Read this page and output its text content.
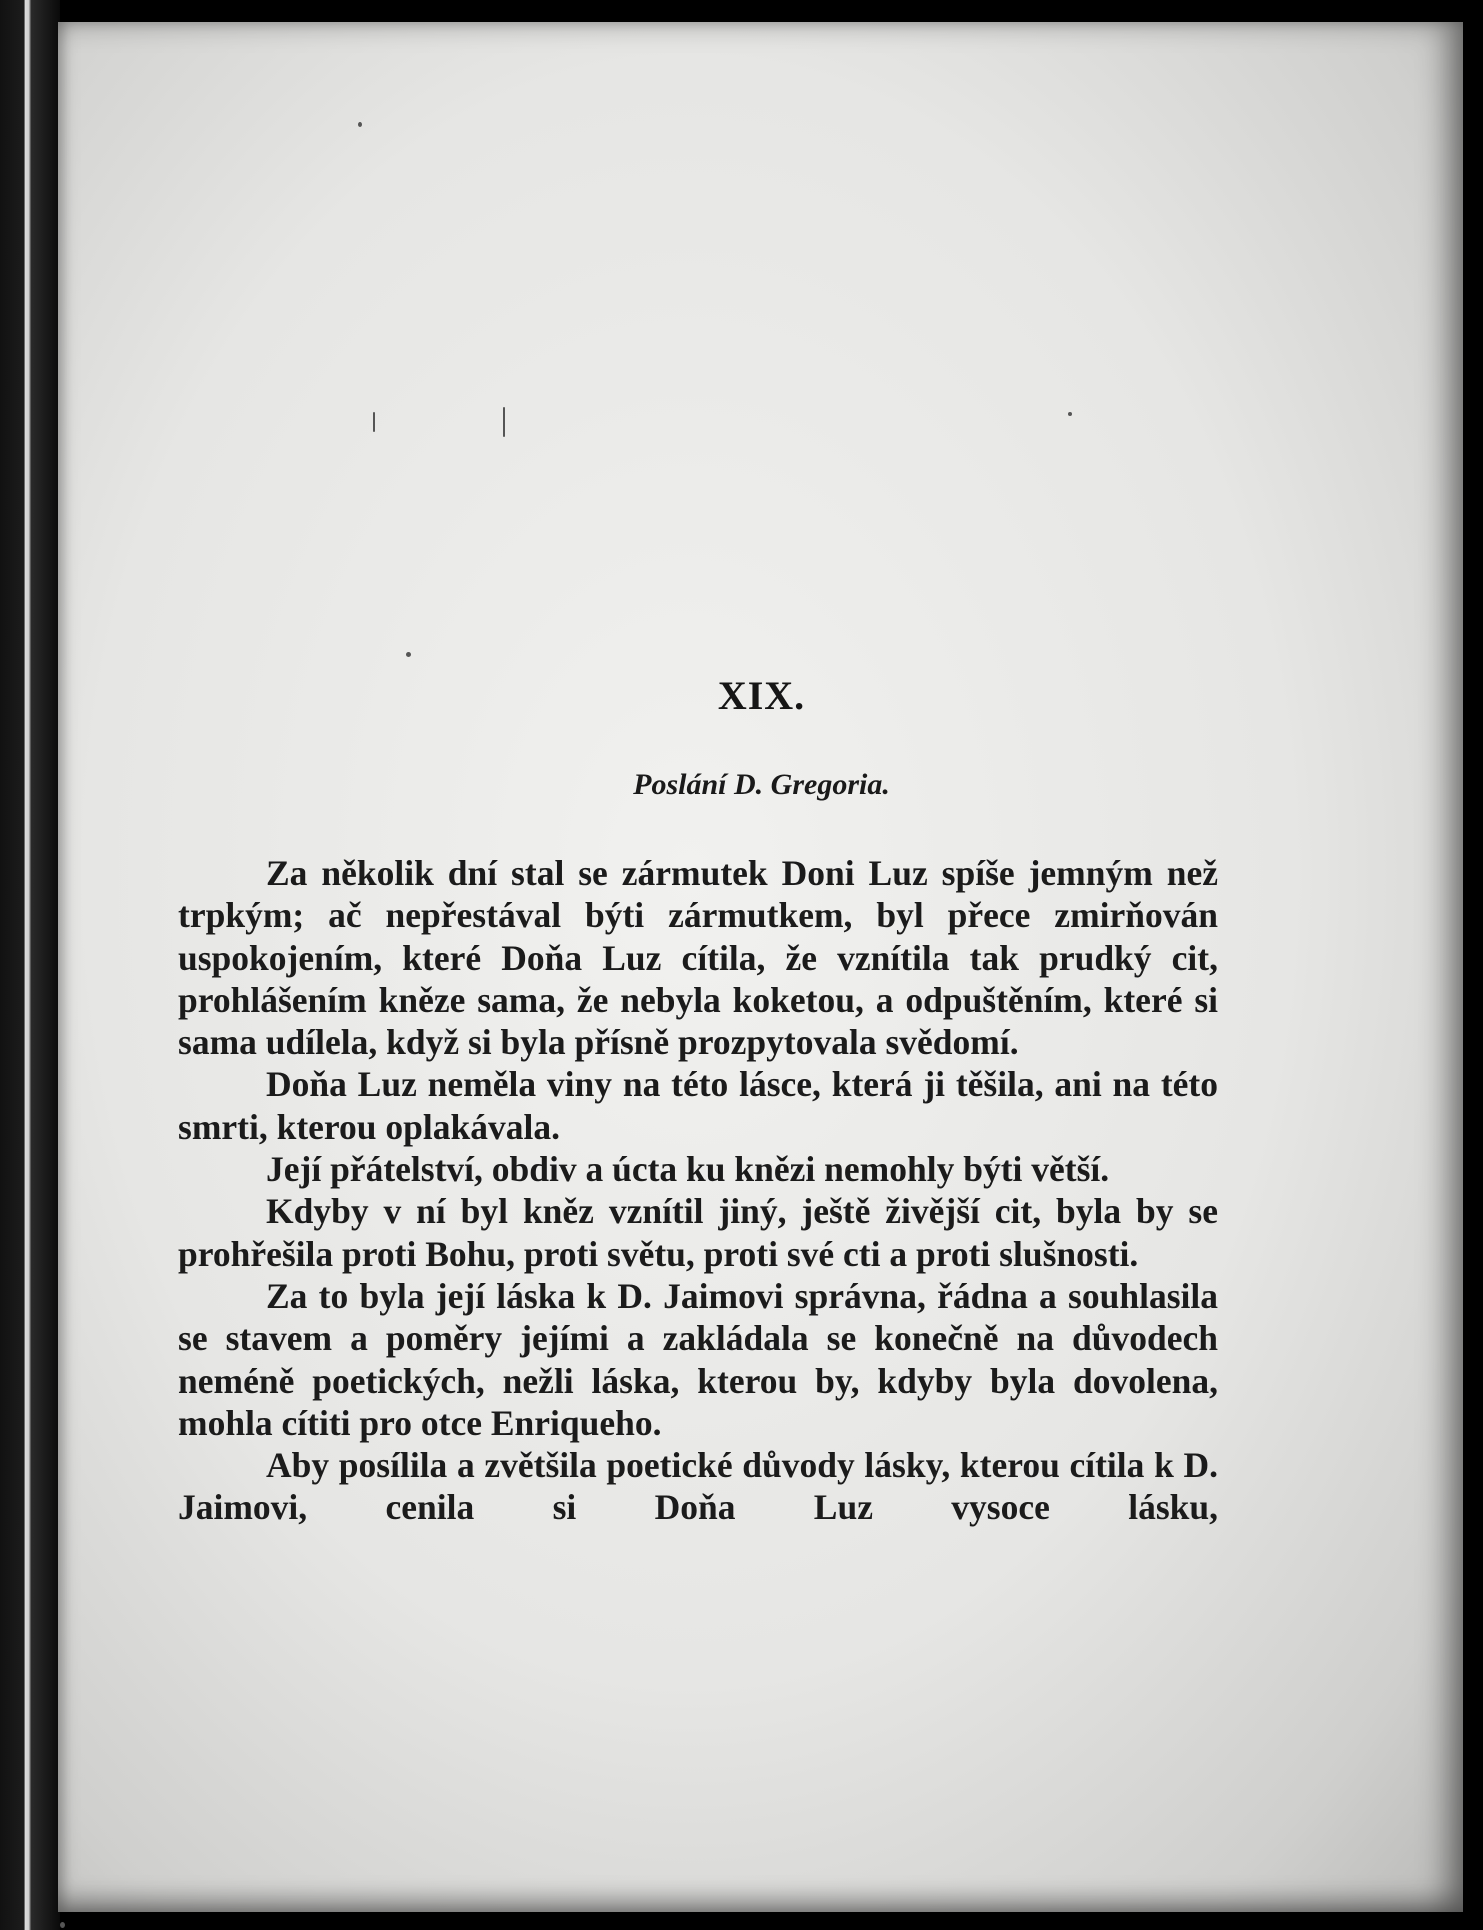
XIX.
Poslání D. Gregoria.

Za několik dní stal se zármutek Doni Luz spíše jemným než trpkým; ač nepřestával býti zármutkem, byl přece zmirňován uspokojením, které Doňa Luz cítila, že vznítila tak prudký cit, prohlášením kněze sama, že nebyla koketou, a odpuštěním, které si sama udílela, když si byla přísně prozpytovala svědomí.

Doňa Luz neměla viny na této lásce, která ji těšila, ani na této smrti, kterou oplakávala.

Její přátelství, obdiv a úcta ku knězi nemohly býti větší.

Kdyby v ní byl kněz vznítil jiný, ještě živější cit, byla by se prohřešila proti Bohu, proti světu, proti své cti a proti slušnosti.

Za to byla její láska k D. Jaimovi správna, řádna a souhlasila se stavem a poměry jejími a zakládala se konečně na důvodech neméně poetických, nežli láska, kterou by, kdyby byla dovolena, mohla cítiti pro otce Enriqueho.

Aby posílila a zvětšila poetické důvody lásky, kterou cítila k D. Jaimovi, cenila si Doňa Luz vysoce lásku,
